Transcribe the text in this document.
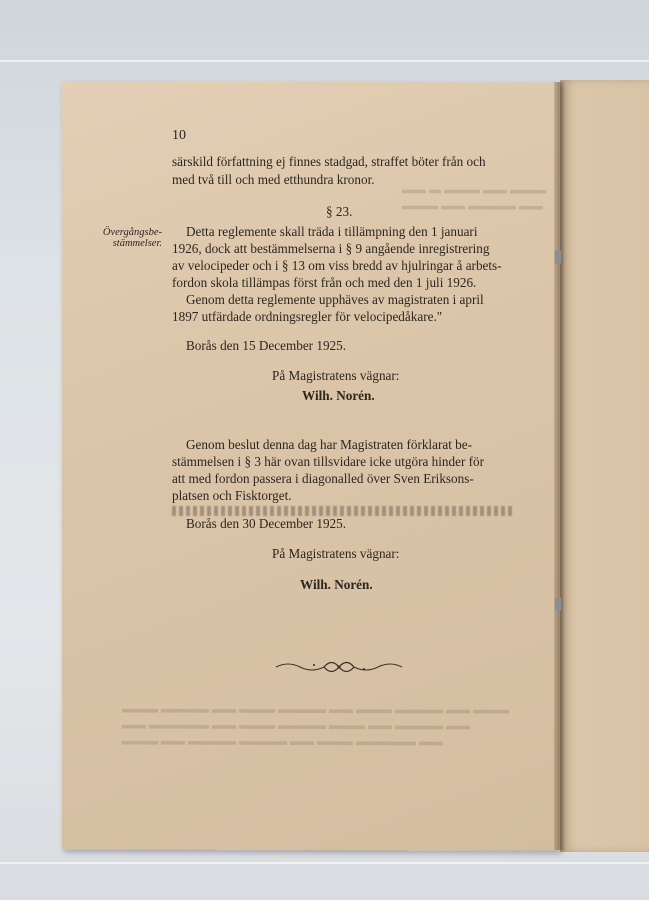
▬▬ ▬ ▬▬▬ ▬▬ ▬▬▬
▬▬▬ ▬▬ ▬▬▬▬ ▬▬
▬▬▬ ▬▬▬▬ ▬▬ ▬▬▬ ▬▬▬▬ ▬▬ ▬▬▬ ▬▬▬▬ ▬▬ ▬▬▬
▬▬ ▬▬▬▬▬ ▬▬ ▬▬▬ ▬▬▬▬ ▬▬▬ ▬▬ ▬▬▬▬ ▬▬
▬▬▬ ▬▬ ▬▬▬▬ ▬▬▬▬ ▬▬ ▬▬▬ ▬▬▬▬▬ ▬▬
10
särskild författning ej finnes stadgad, straffet böter från och
med två till och med etthundra kronor.
§ 23.
Övergångsbe-
stämmelser.
Detta reglemente skall träda i tillämpning den 1 januari
1926, dock att bestämmelserna i § 9 angående inregistrering
av velocipeder och i § 13 om viss bredd av hjulringar å arbets-
fordon skola tillämpas först från och med den 1 juli 1926.
Genom detta reglemente upphäves av magistraten i april
1897 utfärdade ordningsregler för velocipedåkare."
Borås den 15 December 1925.
På Magistratens vägnar:
Wilh. Norén.
Genom beslut denna dag har Magistraten förklarat be-
stämmelsen i § 3 här ovan tillsvidare icke utgöra hinder för
att med fordon passera i diagonalled över Sven Eriksons-
platsen och Fisktorget.
Borås den 30 December 1925.
På Magistratens vägnar:
Wilh. Norén.
